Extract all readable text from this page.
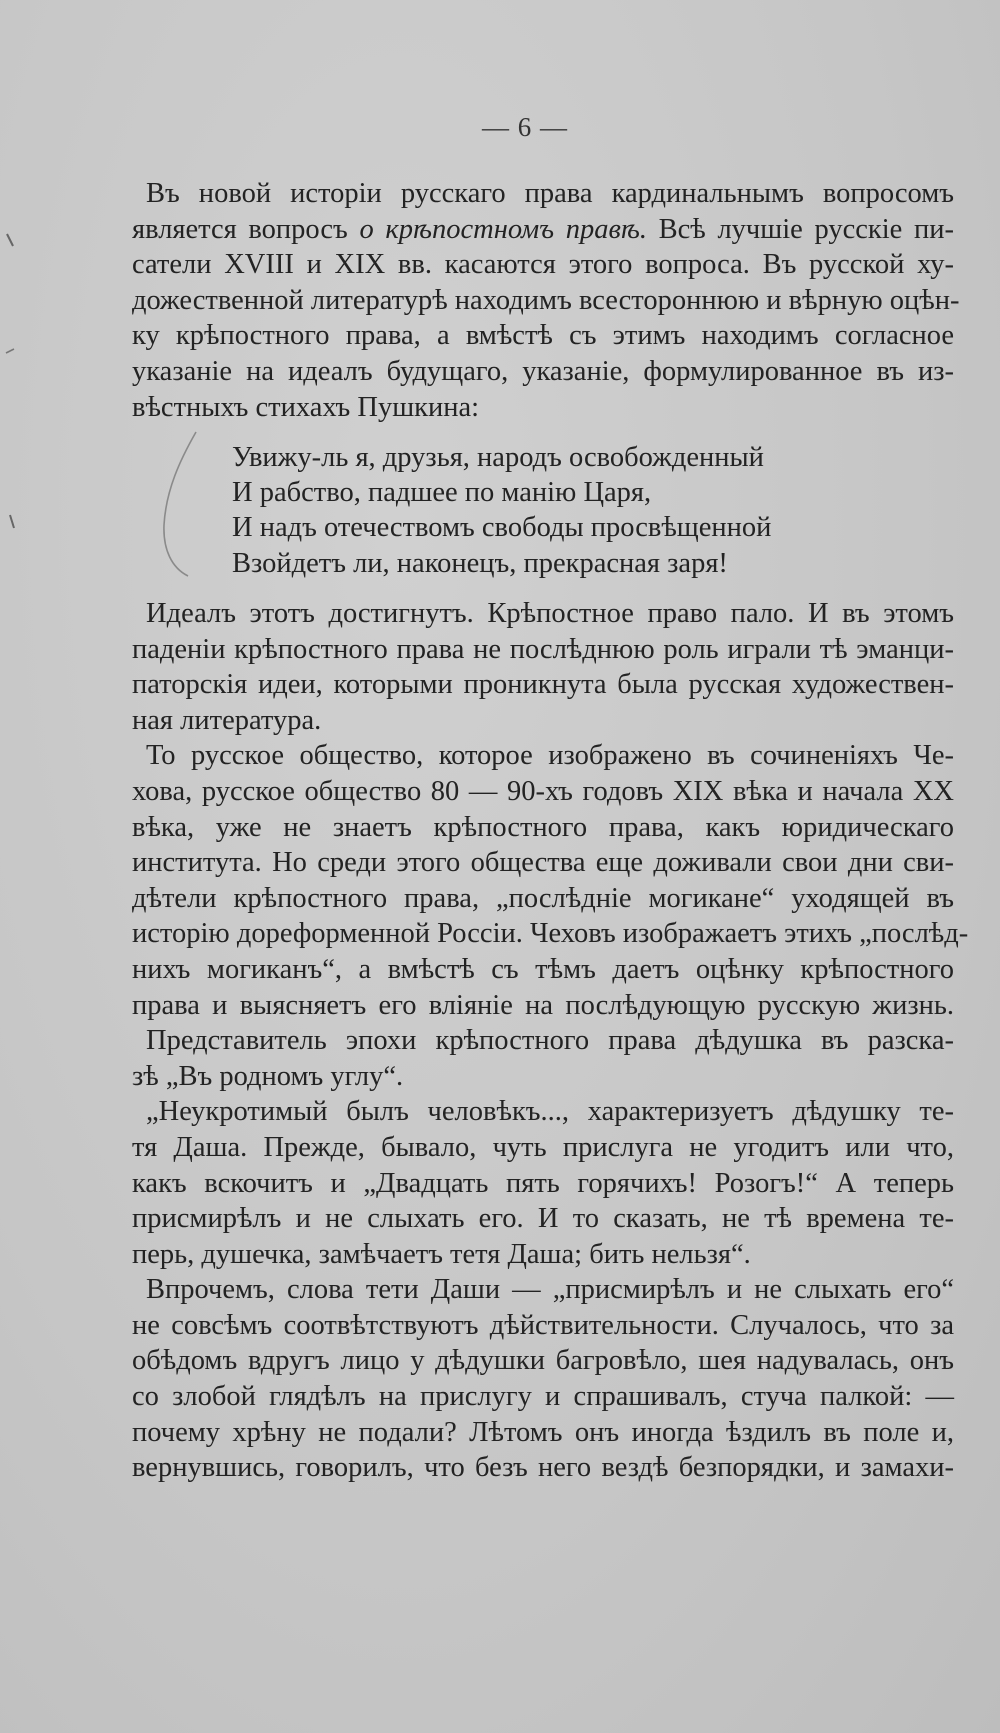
— 6 —
Въ новой исторіи русскаго права кардинальнымъ вопросомъ
является вопросъ о крѣпостномъ правѣ. Всѣ лучшіе русскіе пи-
сатели XVIII и XIX вв. касаются этого вопроса. Въ русской ху-
дожественной литературѣ находимъ всестороннюю и вѣрную оцѣн-
ку крѣпостного права, а вмѣстѣ съ этимъ находимъ согласное
указаніе на идеалъ будущаго, указаніе, формулированное въ из-
вѣстныхъ стихахъ Пушкина:
Увижу-ль я, друзья, народъ освобожденный
И рабство, падшее по манію Царя,
И надъ отечествомъ свободы просвѣщенной
Взойдетъ ли, наконецъ, прекрасная заря!
Идеалъ этотъ достигнутъ. Крѣпостное право пало. И въ этомъ
паденіи крѣпостного права не послѣднюю роль играли тѣ эманци-
паторскія идеи, которыми проникнута была русская художествен-
ная литература.
То русское общество, которое изображено въ сочиненіяхъ Че-
хова, русское общество 80 — 90-хъ годовъ XIX вѣка и начала XX
вѣка, уже не знаетъ крѣпостного права, какъ юридическаго
института. Но среди этого общества еще доживали свои дни сви-
дѣтели крѣпостного права, „послѣдніе могикане“ уходящей въ
исторію дореформенной Россіи. Чеховъ изображаетъ этихъ „послѣд-
нихъ могиканъ“, а вмѣстѣ съ тѣмъ даетъ оцѣнку крѣпостного
права и выясняетъ его вліяніе на послѣдующую русскую жизнь.
Представитель эпохи крѣпостного права дѣдушка въ разска-
зѣ „Въ родномъ углу“.
„Неукротимый былъ человѣкъ..., характеризуетъ дѣдушку те-
тя Даша. Прежде, бывало, чуть прислуга не угодитъ или что,
какъ вскочитъ и „Двадцать пять горячихъ! Розогъ!“ А теперь
присмирѣлъ и не слыхать его. И то сказать, не тѣ времена те-
перь, душечка, замѣчаетъ тетя Даша; бить нельзя“.
Впрочемъ, слова тети Даши — „присмирѣлъ и не слыхать его“
не совсѣмъ соотвѣтствуютъ дѣйствительности. Случалось, что за
обѣдомъ вдругъ лицо у дѣдушки багровѣло, шея надувалась, онъ
со злобой глядѣлъ на прислугу и спрашивалъ, стуча палкой: —
почему хрѣну не подали? Лѣтомъ онъ иногда ѣздилъ въ поле и,
вернувшись, говорилъ, что безъ него вездѣ безпорядки, и замахи-
